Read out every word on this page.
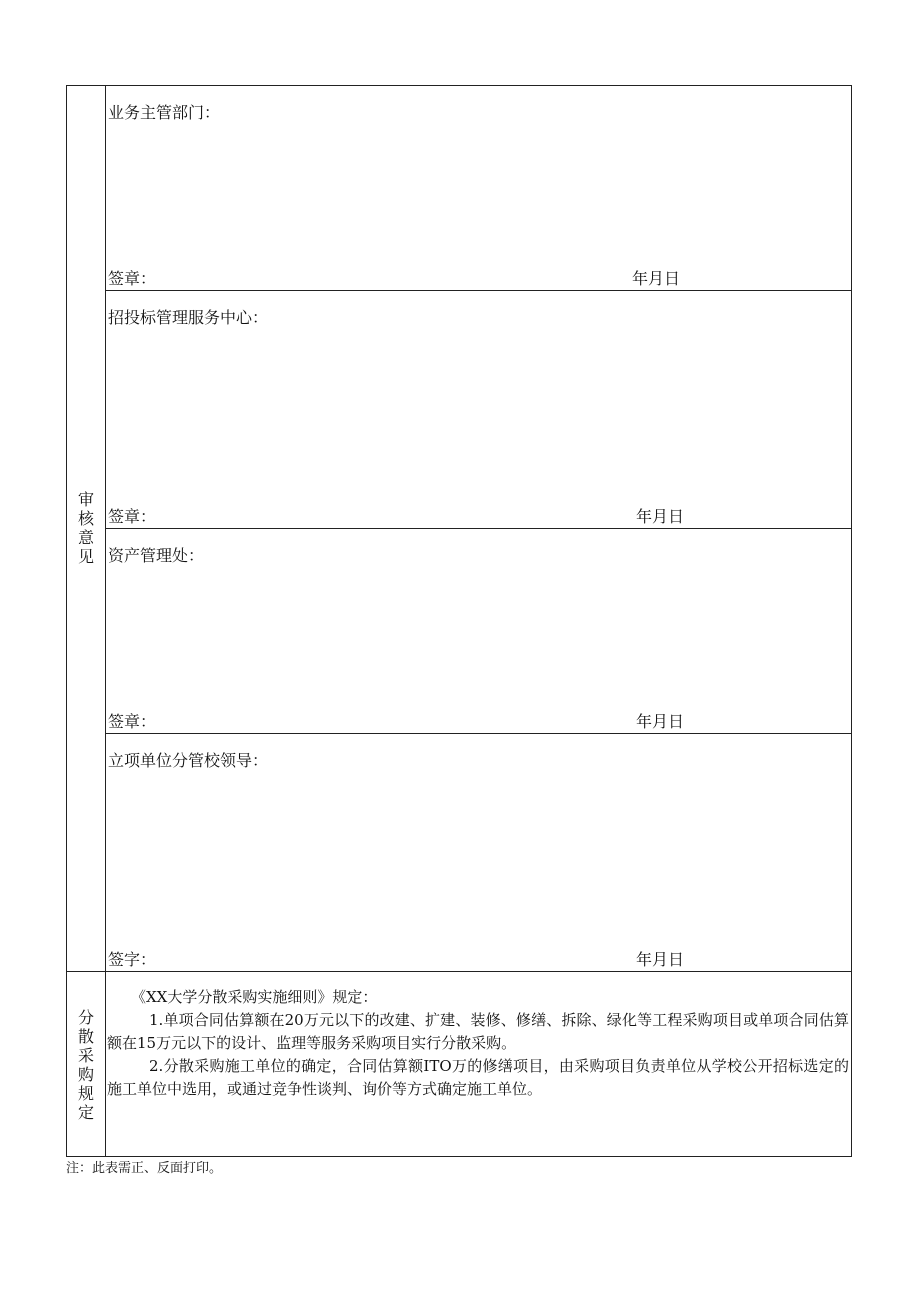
审核意见
业务主管部门：
签章：	年月日
招投标管理服务中心：
签章：	年月日
资产管理处：
签章：	年月日
立项单位分管校领导：
签字：	年月日
分散采购规定

《XX大学分散采购实施细则》规定：

1.单项合同估算额在20万元以下的改建、扩建、装修、修缮、拆除、绿化等工程采购项目或单项合同估算额在15万元以下的设计、监理等服务采购项目实行分散采购。

2.分散采购施工单位的确定，合同估算额ITO万的修缮项目，由采购项目负责单位从学校公开招标选定的施工单位中选用，或通过竞争性谈判、询价等方式确定施工单位。

注：此表需正、反面打印。
